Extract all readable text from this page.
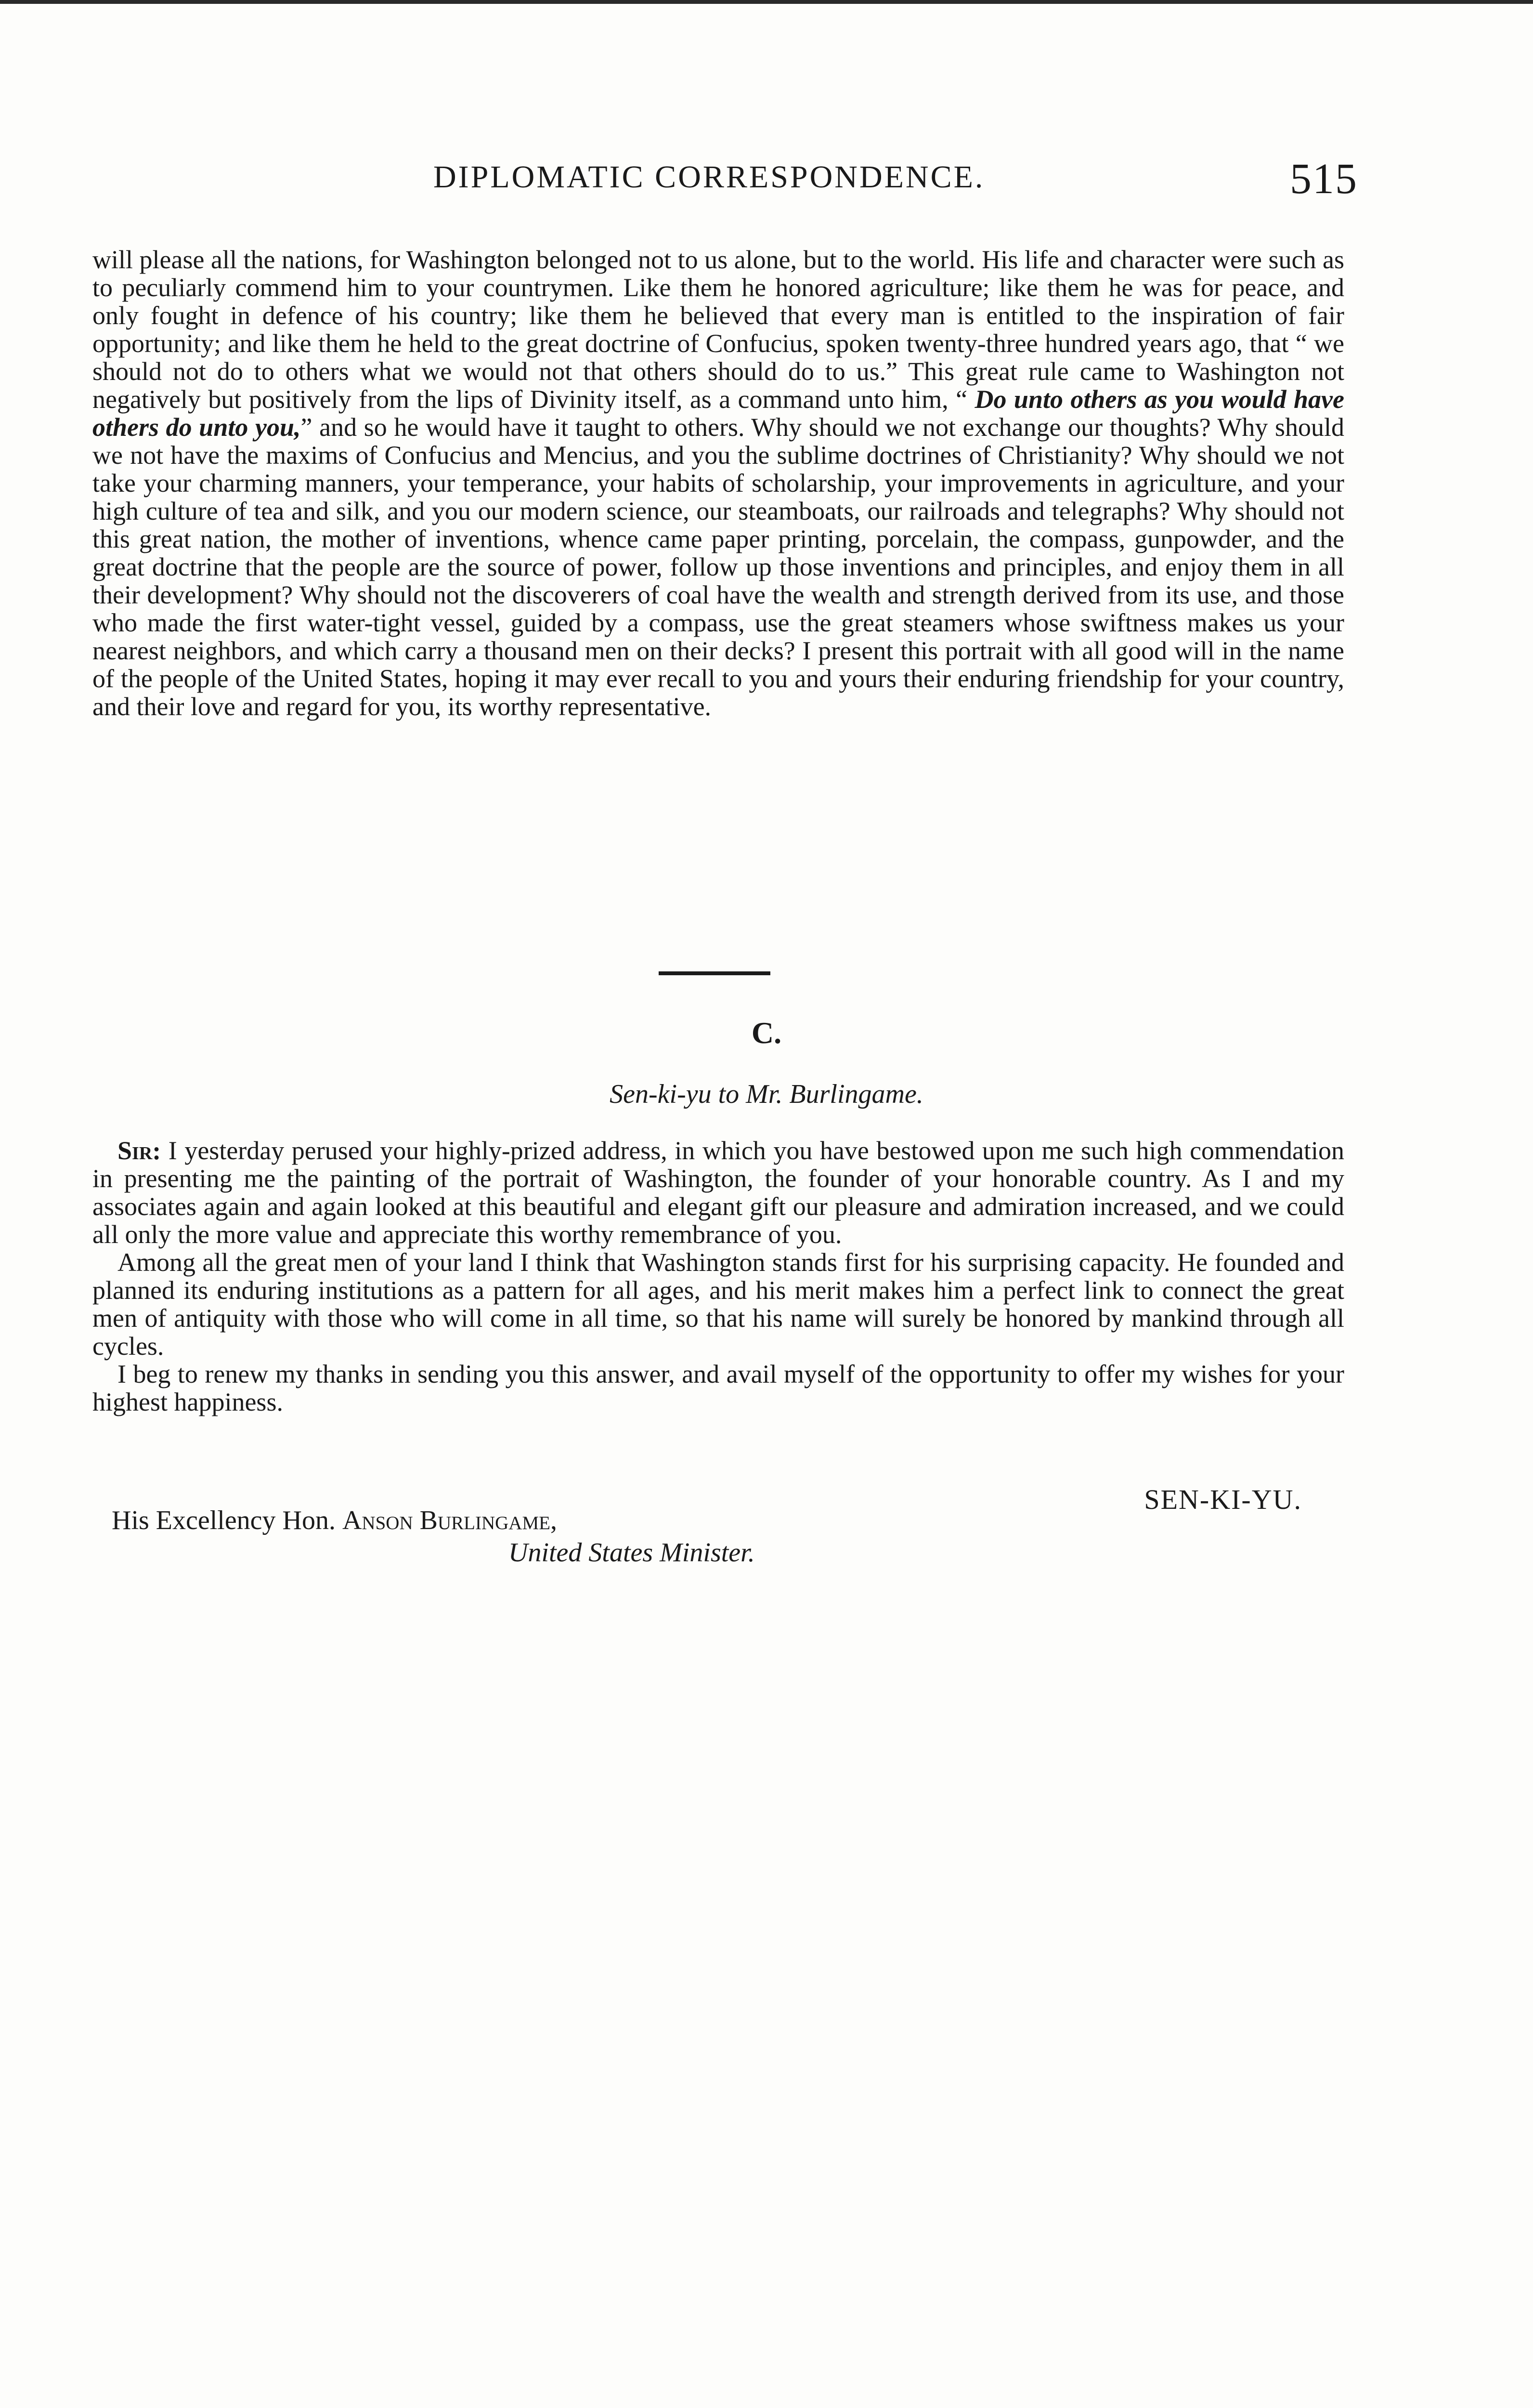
DIPLOMATIC CORRESPONDENCE.	515

will please all the nations, for Washington belonged not to us alone, but to the world. His life and character were such as to peculiarly commend him to your countrymen. Like them he honored agriculture; like them he was for peace, and only fought in defence of his country; like them he believed that every man is entitled to the inspiration of fair opportunity; and like them he held to the great doctrine of Confucius, spoken twenty-three hundred years ago, that “ we should not do to others what we would not that others should do to us.” This great rule came to Washington not negatively but positively from the lips of Divinity itself, as a command unto him, “ Do unto others as you would have others do unto you,” and so he would have it taught to others. Why should we not exchange our thoughts? Why should we not have the maxims of Confucius and Mencius, and you the sublime doctrines of Christianity? Why should we not take your charming manners, your temperance, your habits of scholarship, your improvements in agriculture, and your high culture of tea and silk, and you our modern science, our steamboats, our railroads and telegraphs? Why should not this great nation, the mother of inventions, whence came paper printing, porcelain, the compass, gunpowder, and the great doctrine that the people are the source of power, follow up those inventions and principles, and enjoy them in all their development? Why should not the discoverers of coal have the wealth and strength derived from its use, and those who made the first water-tight vessel, guided by a compass, use the great steamers whose swiftness makes us your nearest neighbors, and which carry a thousand men on their decks? I present this portrait with all good will in the name of the people of the United States, hoping it may ever recall to you and yours their enduring friendship for your country, and their love and regard for you, its worthy representative.

C.
Sen-ki-yu to Mr. Burlingame.

Sir: I yesterday perused your highly-prized address, in which you have bestowed upon me such high commendation in presenting me the painting of the portrait of Washington, the founder of your honorable country. As I and my associates again and again looked at this beautiful and elegant gift our pleasure and admiration increased, and we could all only the more value and appreciate this worthy remembrance of you.

Among all the great men of your land I think that Washington stands first for his surprising capacity. He founded and planned its enduring institutions as a pattern for all ages, and his merit makes him a perfect link to connect the great men of antiquity with those who will come in all time, so that his name will surely be honored by mankind through all cycles.

I beg to renew my thanks in sending you this answer, and avail myself of the opportunity to offer my wishes for your highest happiness.

SEN-KI-YU.
His Excellency Hon. Anson Burlingame,
United States Minister.
